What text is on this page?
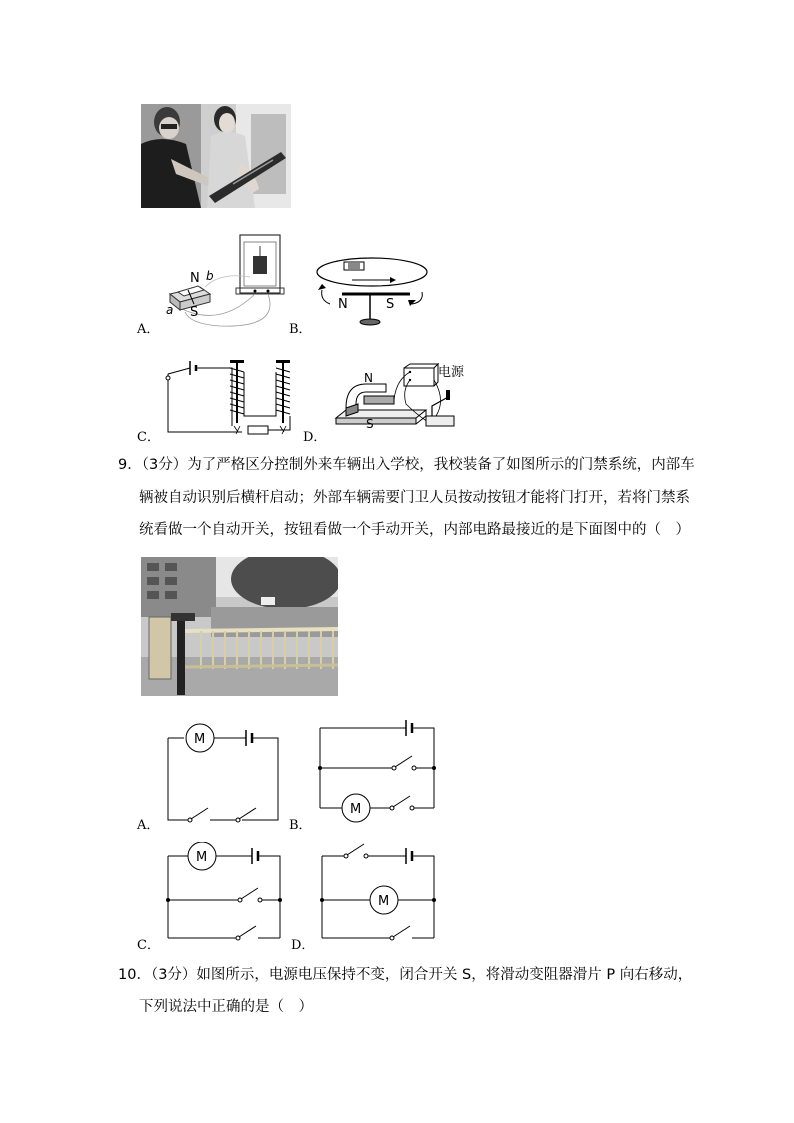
N b
S
a
A．
N	S
B．
C．
N
S
电源
D．
9．（3分）为了严格区分控制外来车辆出入学校，我校装备了如图所示的门禁系统，内部车
辆被自动识别后横杆启动；外部车辆需要门卫人员按动按钮才能将门打开，若将门禁系
统看做一个自动开关，按钮看做一个手动开关，内部电路最接近的是下面图中的（　）
M
A．
M
B．
M
C．
M
D．
10．（3分）如图所示，电源电压保持不变，闭合开关 S，将滑动变阻器滑片 P 向右移动，
下列说法中正确的是（　）
